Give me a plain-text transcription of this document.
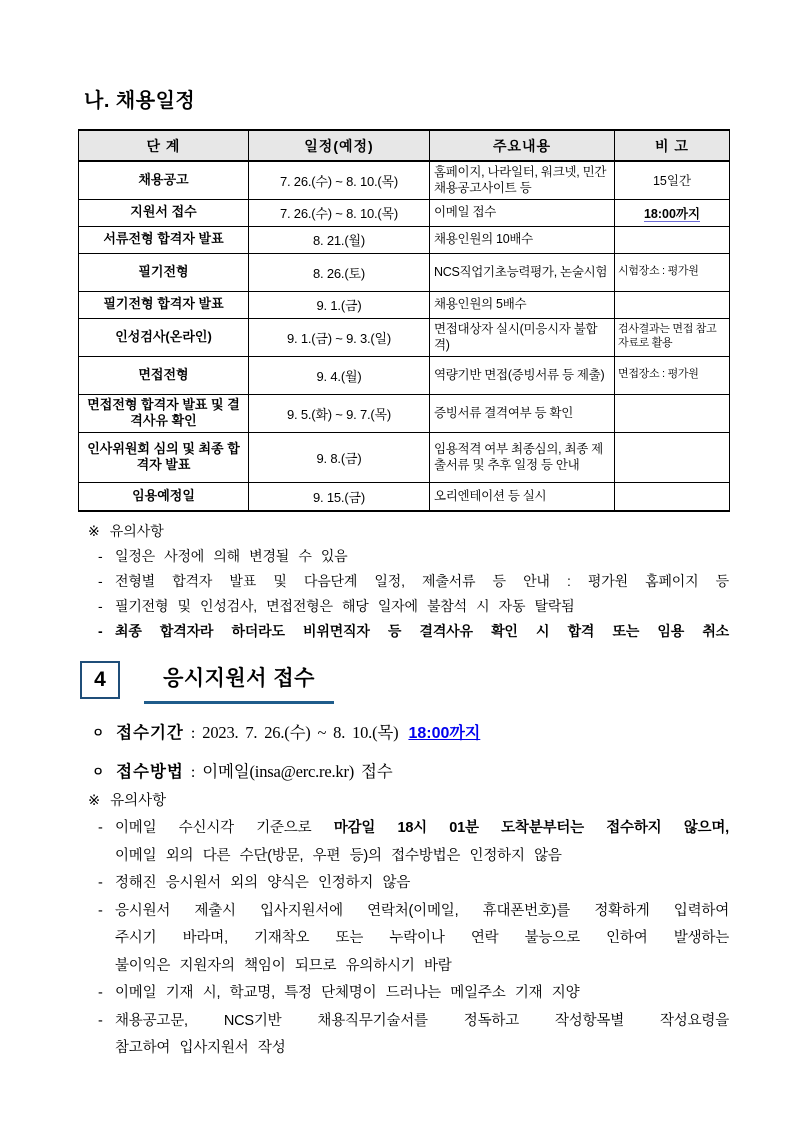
나. 채용일정
단 계	일정(예정)	주요내용	비 고
채용공고	7. 26.(수) ~ 8. 10.(목)	홈페이지, 나라일터, 워크넷, 민간 채용공고사이트 등	15일간
지원서 접수	7. 26.(수) ~ 8. 10.(목)	이메일 접수	18:00까지
서류전형 합격자 발표	8. 21.(월)	채용인원의 10배수	
필기전형	8. 26.(토)	NCS직업기초능력평가, 논술시험	시험장소 : 평가원
필기전형 합격자 발표	9. 1.(금)	채용인원의 5배수	
인성검사(온라인)	9. 1.(금) ~ 9. 3.(일)	면접대상자 실시(미응시자 불합격)	검사결과는 면접 참고자료로 활용
면접전형	9. 4.(월)	역량기반 면접(증빙서류 등 제출)	면접장소 : 평가원
면접전형 합격자 발표 및 결격사유 확인	9. 5.(화) ~ 9. 7.(목)	증빙서류 결격여부 등 확인	
인사위원회 심의 및 최종 합격자 발표	9. 8.(금)	임용적격 여부 최종심의, 최종 제출서류 및 추후 일정 등 안내	
임용예정일	9. 15.(금)	오리엔테이션 등 실시	
※ 유의사항
- 일정은 사정에 의해 변경될 수 있음
- 전형별 합격자 발표 및 다음단계 일정, 제출서류 등 안내 : 평가원 홈페이지 등
- 필기전형 및 인성검사, 면접전형은 해당 일자에 불참석 시 자동 탈락됨
- 최종 합격자라 하더라도 비위면직자 등 결격사유 확인 시 합격 또는 임용 취소
4	응시지원서 접수
ㅇ 접수기간 : 2023. 7. 26.(수) ~ 8. 10.(목) 18:00까지
ㅇ 접수방법 : 이메일(insa@erc.re.kr) 접수
※ 유의사항
- 이메일 수신시각 기준으로 마감일 18시 01분 도착분부터는 접수하지 않으며,
이메일 외의 다른 수단(방문, 우편 등)의 접수방법은 인정하지 않음
- 정해진 응시원서 외의 양식은 인정하지 않음
- 응시원서 제출시 입사지원서에 연락처(이메일, 휴대폰번호)를 정확하게 입력하여
주시기 바라며, 기재착오 또는 누락이나 연락 불능으로 인하여 발생하는
불이익은 지원자의 책임이 되므로 유의하시기 바람
- 이메일 기재 시, 학교명, 특정 단체명이 드러나는 메일주소 기재 지양
- 채용공고문, NCS기반 채용직무기술서를 정독하고 작성항목별 작성요령을
참고하여 입사지원서 작성
